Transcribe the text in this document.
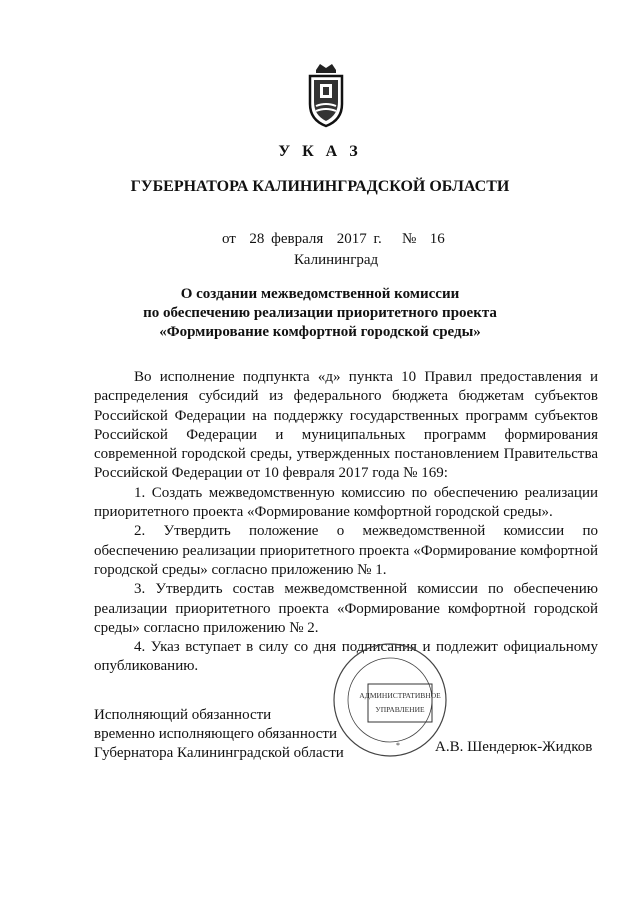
У К А З
ГУБЕРНАТОРА КАЛИНИНГРАДСКОЙ ОБЛАСТИ
от  28 февраля  2017 г.   №  16
Калининград
О создании межведомственной комиссии
по обеспечению реализации приоритетного проекта
«Формирование комфортной городской среды»

Во исполнение подпункта «д» пункта 10 Правил предоставления и распределения субсидий из федерального бюджета бюджетам субъектов Российской Федерации на поддержку государственных программ субъектов Российской Федерации и муниципальных программ формирования современной городской среды, утвержденных постановлением Правительства Российской Федерации от 10 февраля 2017 года № 169:

1. Создать межведомственную комиссию по обеспечению реализации приоритетного проекта «Формирование комфортной городской среды».

2. Утвердить положение о межведомственной комиссии по обеспечению реализации приоритетного проекта «Формирование комфортной городской среды» согласно приложению № 1.

3. Утвердить состав межведомственной комиссии по обеспечению реализации приоритетного проекта «Формирование комфортной городской среды» согласно приложению № 2.

4. Указ вступает в силу со дня подписания и подлежит официальному опубликованию.

АДМИНИСТРАТИВНОЕ
УПРАВЛЕНИЕ
*
Исполняющий обязанности
временно исполняющего обязанности
Губернатора Калининградской области	А.В. Шендерюк-Жидков
